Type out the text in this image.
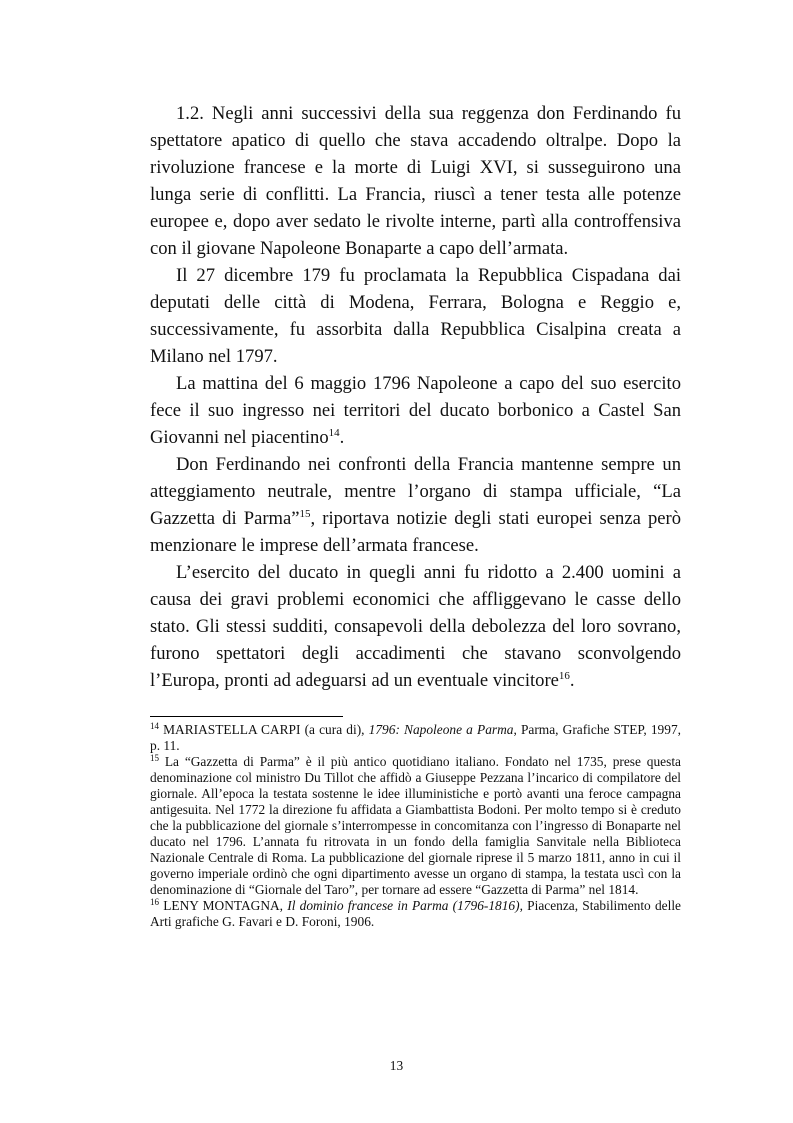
1.2. Negli anni successivi della sua reggenza don Ferdinando fu spettatore apatico di quello che stava accadendo oltralpe. Dopo la rivoluzione francese e la morte di Luigi XVI, si susseguirono una lunga serie di conflitti. La Francia, riuscì a tener testa alle potenze europee e, dopo aver sedato le rivolte interne, partì alla controffensiva con il giovane Napoleone Bonaparte a capo dell’armata.

Il 27 dicembre 179 fu proclamata la Repubblica Cispadana dai deputati delle città di Modena, Ferrara, Bologna e Reggio e, successivamente, fu assorbita dalla Repubblica Cisalpina creata a Milano nel 1797.

La mattina del 6 maggio 1796 Napoleone a capo del suo esercito fece il suo ingresso nei territori del ducato borbonico a Castel San Giovanni nel piacentino$^{14}$.

Don Ferdinando nei confronti della Francia mantenne sempre un atteggiamento neutrale, mentre l’organo di stampa ufficiale, “La Gazzetta di Parma”$^{15}$, riportava notizie degli stati europei senza però menzionare le imprese dell’armata francese.

L’esercito del ducato in quegli anni fu ridotto a 2.400 uomini a causa dei gravi problemi economici che affliggevano le casse dello stato. Gli stessi sudditi, consapevoli della debolezza del loro sovrano, furono spettatori degli accadimenti che stavano sconvolgendo l’Europa, pronti ad adeguarsi ad un eventuale vincitore$^{16}$.

$^{14}$ MARIASTELLA CARPI (a cura di), 1796: Napoleone a Parma, Parma, Grafiche STEP, 1997, p. 11.

$^{15}$ La “Gazzetta di Parma” è il più antico quotidiano italiano. Fondato nel 1735, prese questa denominazione col ministro Du Tillot che affidò a Giuseppe Pezzana l’incarico di compilatore del giornale. All’epoca la testata sostenne le idee illuministiche e portò avanti una feroce campagna antigesuita. Nel 1772 la direzione fu affidata a Giambattista Bodoni. Per molto tempo si è creduto che la pubblicazione del giornale s’interrompesse in concomitanza con l’ingresso di Bonaparte nel ducato nel 1796. L’annata fu ritrovata in un fondo della famiglia Sanvitale nella Biblioteca Nazionale Centrale di Roma. La pubblicazione del giornale riprese il 5 marzo 1811, anno in cui il governo imperiale ordinò che ogni dipartimento avesse un organo di stampa, la testata uscì con la denominazione di “Giornale del Taro”, per tornare ad essere “Gazzetta di Parma” nel 1814.

$^{16}$ LENY MONTAGNA, Il dominio francese in Parma (1796-1816), Piacenza, Stabilimento delle Arti grafiche G. Favari e D. Foroni, 1906.

13
